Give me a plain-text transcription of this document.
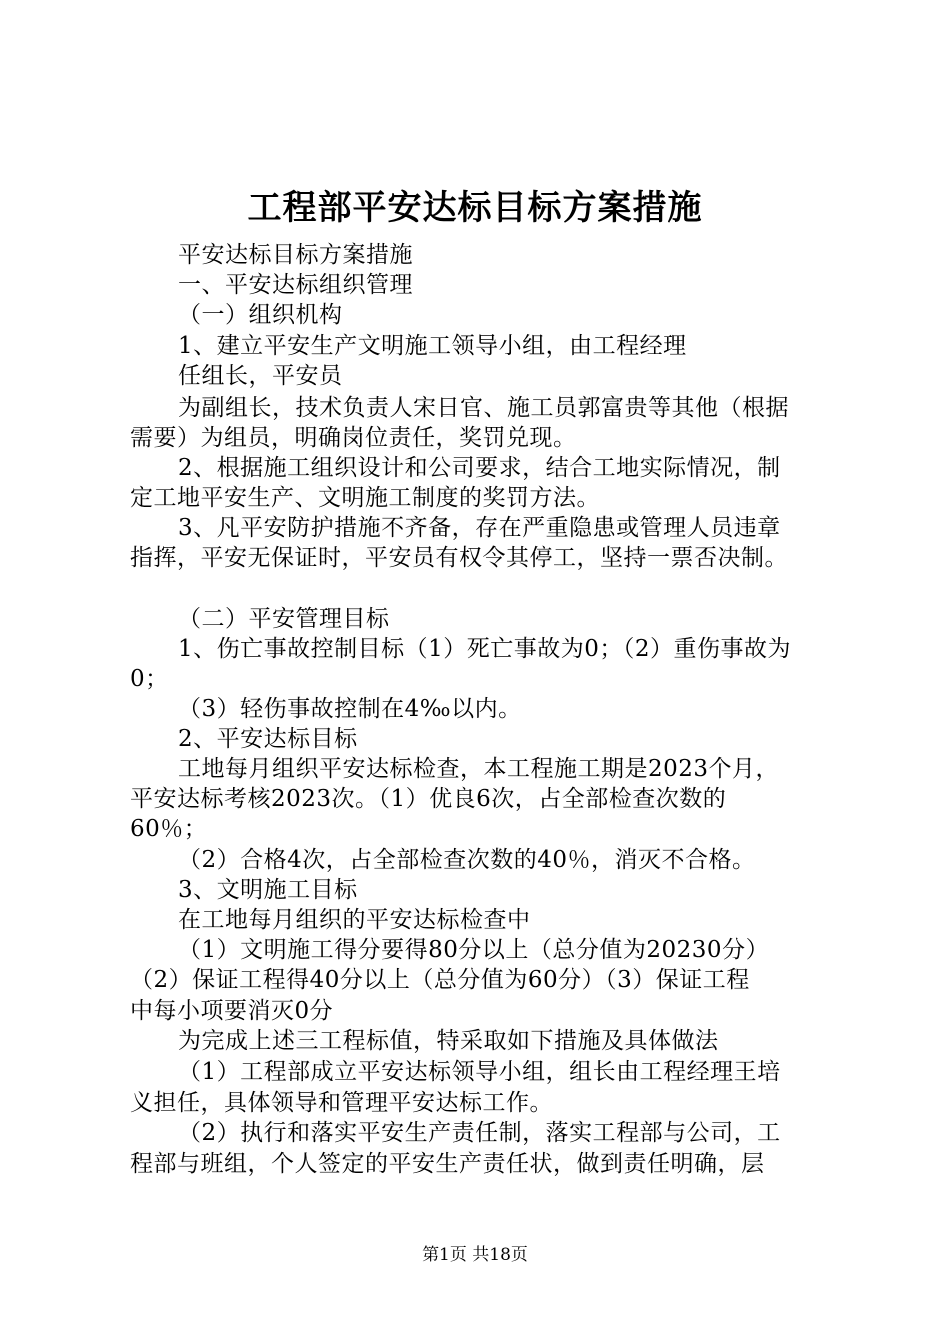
工程部平安达标目标方案措施
平安达标目标方案措施
一、平安达标组织管理
（一）组织机构
1、建立平安生产文明施工领导小组，由工程经理
任组长，平安员
为副组长，技术负责人宋日官、施工员郭富贵等其他（根据
需要）为组员，明确岗位责任，奖罚兑现。
2、根据施工组织设计和公司要求，结合工地实际情况，制
定工地平安生产、文明施工制度的奖罚方法。
3、凡平安防护措施不齐备，存在严重隐患或管理人员违章
指挥，平安无保证时，平安员有权令其停工，坚持一票否决制。
（二）平安管理目标
1、伤亡事故控制目标（1）死亡事故为0；（2）重伤事故为
0；
（3）轻伤事故控制在4‰以内。
2、平安达标目标
工地每月组织平安达标检查，本工程施工期是2023个月，
平安达标考核2023次。（1）优良6次，占全部检查次数的
60％；
（2）合格4次，占全部检查次数的40％，消灭不合格。
3、文明施工目标
在工地每月组织的平安达标检查中
（1）文明施工得分要得80分以上（总分值为20230分）
（2）保证工程得40分以上（总分值为60分）（3）保证工程
中每小项要消灭0分
为完成上述三工程标值，特采取如下措施及具体做法
（1）工程部成立平安达标领导小组，组长由工程经理王培
义担任，具体领导和管理平安达标工作。
（2）执行和落实平安生产责任制，落实工程部与公司，工
程部与班组，个人签定的平安生产责任状，做到责任明确，层
第1页 共18页
